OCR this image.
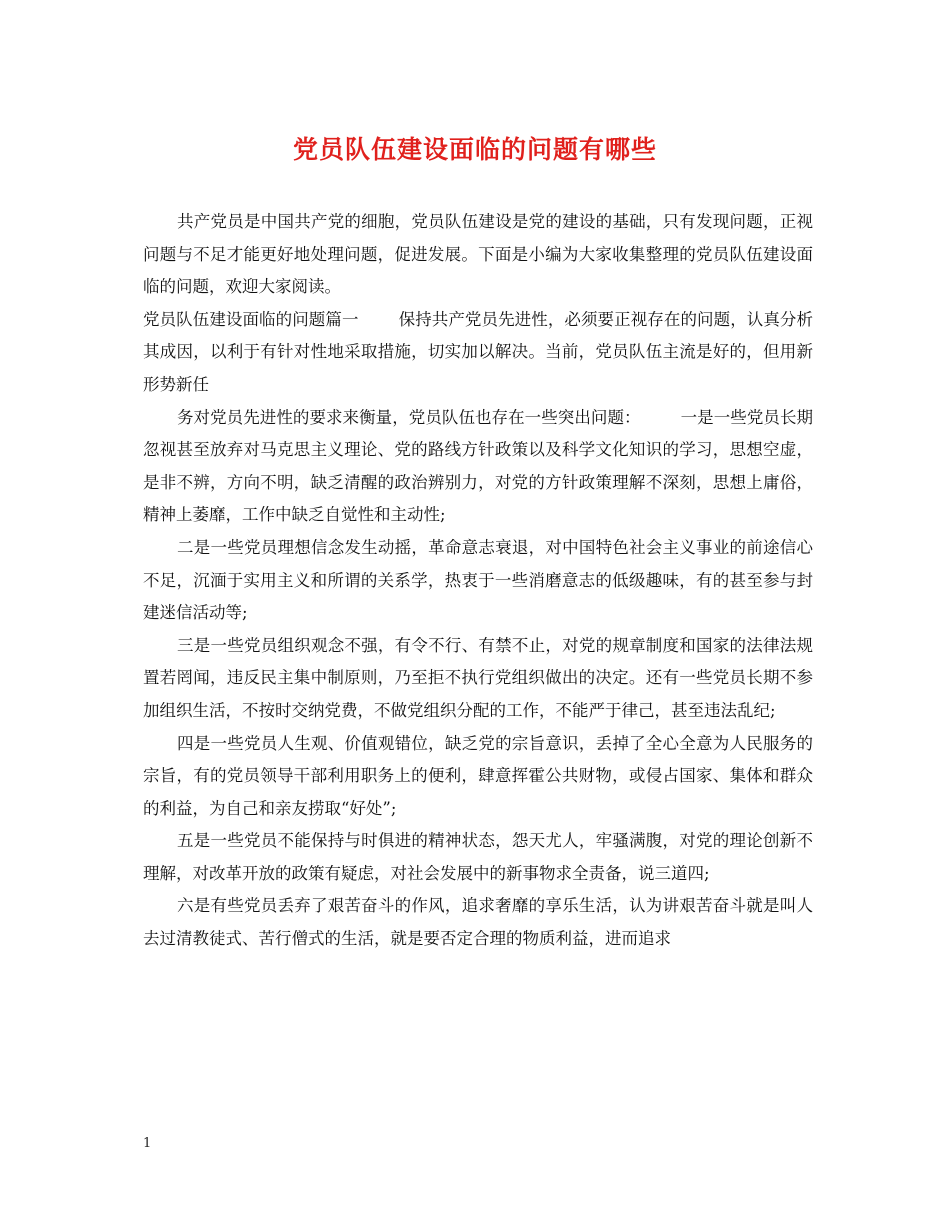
党员队伍建设面临的问题有哪些

共产党员是中国共产党的细胞，党员队伍建设是党的建设的基础，只有发现问题，正视问题与不足才能更好地处理问题，促进发展。下面是小编为大家收集整理的党员队伍建设面临的问题，欢迎大家阅读。

党员队伍建设面临的问题篇一 保持共产党员先进性，必须要正视存在的问题，认真分析其成因，以利于有针对性地采取措施，切实加以解决。当前，党员队伍主流是好的，但用新形势新任

务对党员先进性的要求来衡量，党员队伍也存在一些突出问题： 一是一些党员长期忽视甚至放弃对马克思主义理论、党的路线方针政策以及科学文化知识的学习，思想空虚，是非不辨，方向不明，缺乏清醒的政治辨别力，对党的方针政策理解不深刻，思想上庸俗，精神上萎靡，工作中缺乏自觉性和主动性;

二是一些党员理想信念发生动摇，革命意志衰退，对中国特色社会主义事业的前途信心不足，沉湎于实用主义和所谓的关系学，热衷于一些消磨意志的低级趣味，有的甚至参与封建迷信活动等;

三是一些党员组织观念不强，有令不行、有禁不止，对党的规章制度和国家的法律法规置若罔闻，违反民主集中制原则，乃至拒不执行党组织做出的决定。还有一些党员长期不参加组织生活，不按时交纳党费，不做党组织分配的工作，不能严于律己，甚至违法乱纪;

四是一些党员人生观、价值观错位，缺乏党的宗旨意识，丢掉了全心全意为人民服务的宗旨，有的党员领导干部利用职务上的便利，肆意挥霍公共财物，或侵占国家、集体和群众的利益，为自己和亲友捞取“好处”;

五是一些党员不能保持与时俱进的精神状态，怨天尤人，牢骚满腹，对党的理论创新不理解，对改革开放的政策有疑虑，对社会发展中的新事物求全责备，说三道四;

六是有些党员丢弃了艰苦奋斗的作风，追求奢靡的享乐生活，认为讲艰苦奋斗就是叫人去过清教徒式、苦行僧式的生活，就是要否定合理的物质利益，进而追求

1
